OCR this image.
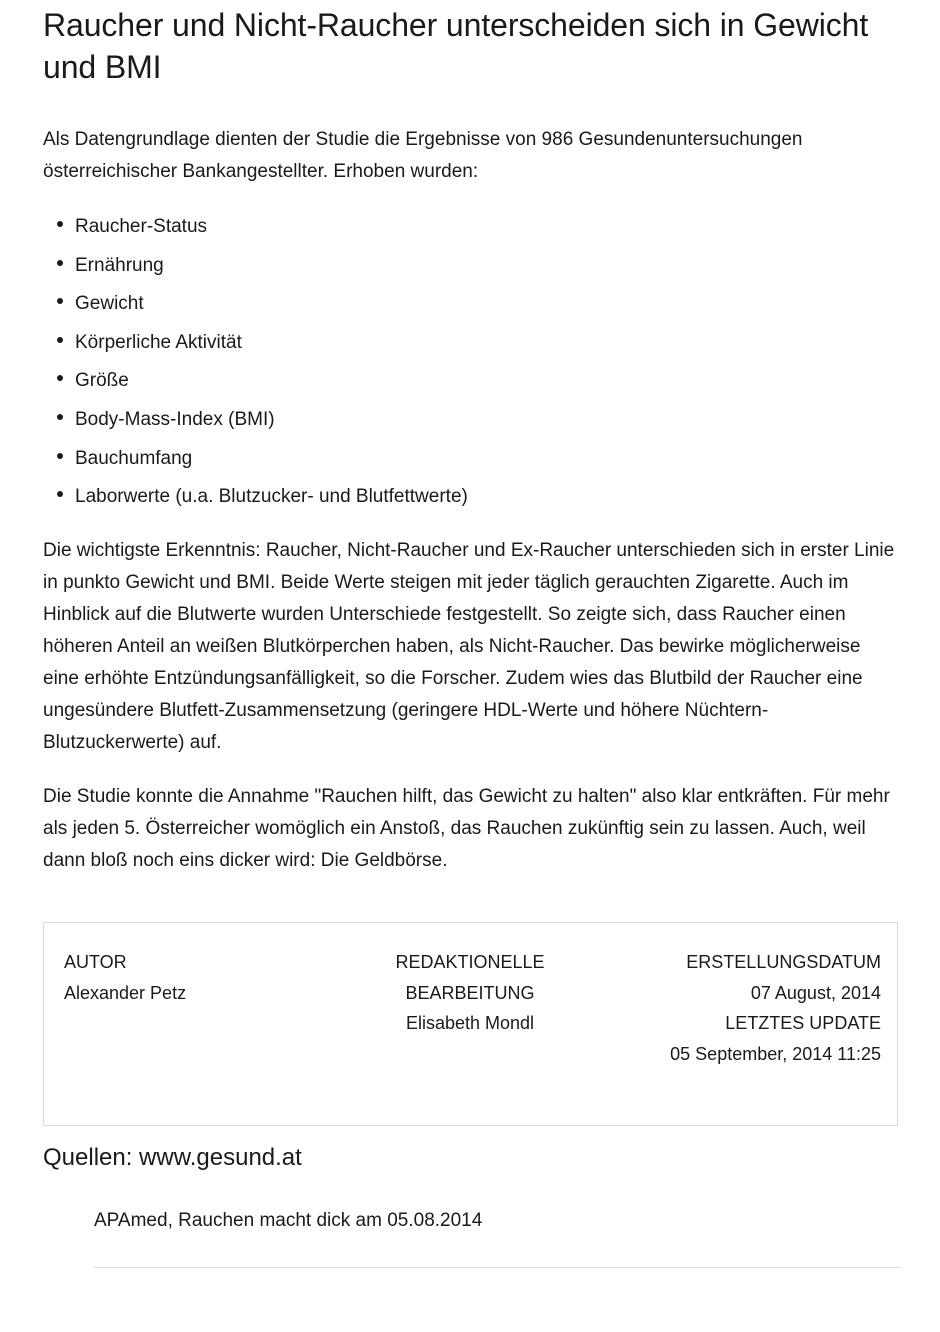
Raucher und Nicht-Raucher unterscheiden sich in Gewicht und BMI

Als Datengrundlage dienten der Studie die Ergebnisse von 986 Gesundenuntersuchungen österreichischer Bankangestellter. Erhoben wurden:

Raucher-Status
Ernährung
Gewicht
Körperliche Aktivität
Größe
Body-Mass-Index (BMI)
Bauchumfang
Laborwerte (u.a. Blutzucker- und Blutfettwerte)

Die wichtigste Erkenntnis: Raucher, Nicht-Raucher und Ex-Raucher unterschieden sich in erster Linie in punkto Gewicht und BMI. Beide Werte steigen mit jeder täglich gerauchten Zigarette. Auch im Hinblick auf die Blutwerte wurden Unterschiede festgestellt. So zeigte sich, dass Raucher einen höheren Anteil an weißen Blutkörperchen haben, als Nicht-Raucher. Das bewirke möglicherweise eine erhöhte Entzündungsanfälligkeit, so die Forscher. Zudem wies das Blutbild der Raucher eine ungesündere Blutfett-Zusammensetzung (geringere HDL-Werte und höhere Nüchtern-Blutzuckerwerte) auf.

Die Studie konnte die Annahme "Rauchen hilft, das Gewicht zu halten" also klar entkräften. Für mehr als jeden 5. Österreicher womöglich ein Anstoß, das Rauchen zukünftig sein zu lassen. Auch, weil dann bloß noch eins dicker wird: Die Geldbörse.

AUTOR
Alexander Petz
REDAKTIONELLE
BEARBEITUNG
Elisabeth Mondl
ERSTELLUNGSDATUM
07 August, 2014
LETZTES UPDATE
05 September, 2014 11:25
Quellen: www.gesund.at
APAmed, Rauchen macht dick am 05.08.2014
